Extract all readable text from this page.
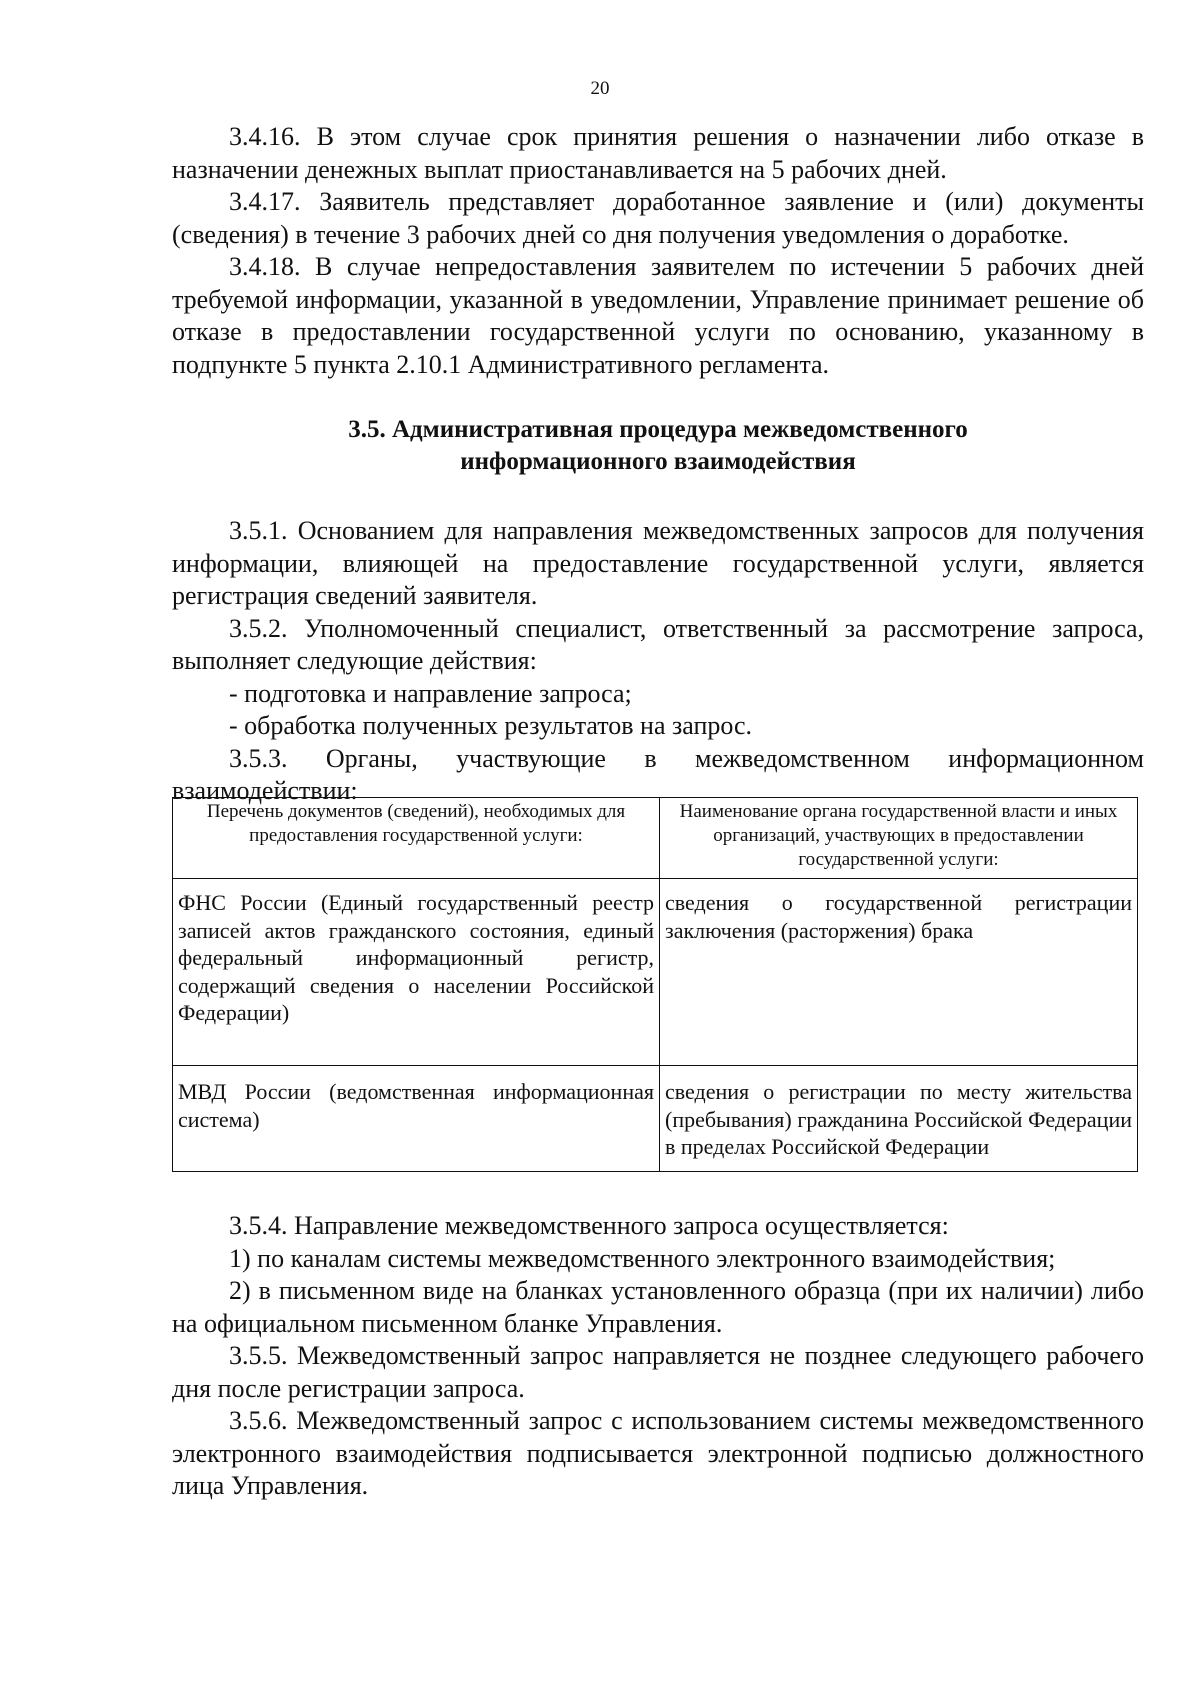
20

3.4.16. В этом случае срок принятия решения о назначении либо отказе в назначении денежных выплат приостанавливается на 5 рабочих дней.

3.4.17. Заявитель представляет доработанное заявление и (или) документы (сведения) в течение 3 рабочих дней со дня получения уведомления о доработке.

3.4.18. В случае непредоставления заявителем по истечении 5 рабочих дней требуемой информации, указанной в уведомлении, Управление принимает решение об отказе в предоставлении государственной услуги по основанию, указанному в подпункте 5 пункта 2.10.1 Административного регламента.

3.5. Административная процедура межведомственного
информационного взаимодействия

3.5.1. Основанием для направления межведомственных запросов для получения информации, влияющей на предоставление государственной услуги, является регистрация сведений заявителя.

3.5.2. Уполномоченный специалист, ответственный за рассмотрение запроса, выполняет следующие действия:

- подготовка и направление запроса;

- обработка полученных результатов на запрос.

3.5.3. Органы, участвующие в межведомственном информационном взаимодействии:

Перечень документов (сведений), необходимых для предоставления государственной услуги:	Наименование органа государственной власти и иных организаций, участвующих в предоставлении государственной услуги:
ФНС России (Единый государственный реестр записей актов гражданского состояния, единый федеральный информационный регистр, содержащий сведения о населении Российской Федерации)	сведения о государственной регистрации заключения (расторжения) брака
МВД России (ведомственная информационная система)	сведения о регистрации по месту жительства (пребывания) гражданина Российской Федерации в пределах Российской Федерации

3.5.4. Направление межведомственного запроса осуществляется:

1) по каналам системы межведомственного электронного взаимодействия;

2) в письменном виде на бланках установленного образца (при их наличии) либо на официальном письменном бланке Управления.

3.5.5. Межведомственный запрос направляется не позднее следующего рабочего дня после регистрации запроса.

3.5.6. Межведомственный запрос с использованием системы межведомственного электронного взаимодействия подписывается электронной подписью должностного лица Управления.
